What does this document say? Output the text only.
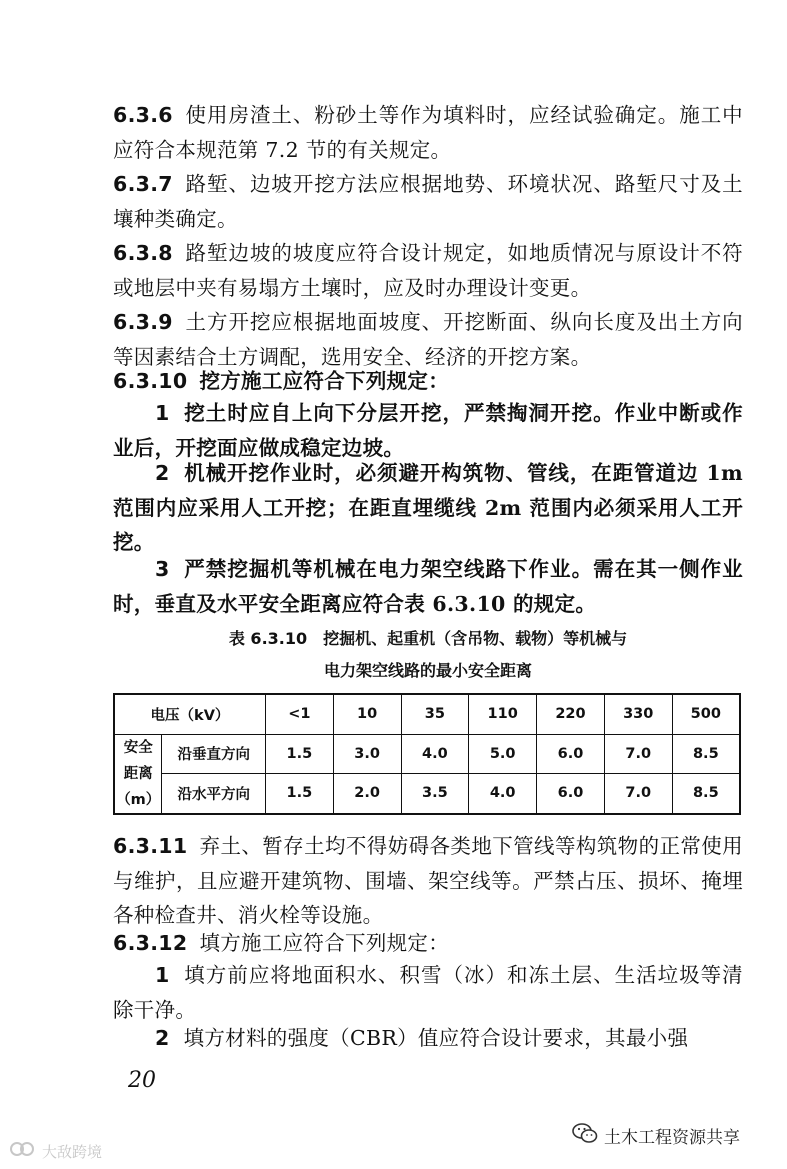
6.3.6 使用房渣土、粉砂土等作为填料时，应经试验确定。施工中应符合本规范第 7.2 节的有关规定。
6.3.7 路堑、边坡开挖方法应根据地势、环境状况、路堑尺寸及土壤种类确定。
6.3.8 路堑边坡的坡度应符合设计规定，如地质情况与原设计不符或地层中夹有易塌方土壤时，应及时办理设计变更。
6.3.9 土方开挖应根据地面坡度、开挖断面、纵向长度及出土方向等因素结合土方调配，选用安全、经济的开挖方案。
6.3.10 挖方施工应符合下列规定：
1 挖土时应自上向下分层开挖，严禁掏洞开挖。作业中断或作业后，开挖面应做成稳定边坡。
2 机械开挖作业时，必须避开构筑物、管线，在距管道边 1m 范围内应采用人工开挖；在距直埋缆线 2m 范围内必须采用人工开挖。
3 严禁挖掘机等机械在电力架空线路下作业。需在其一侧作业时，垂直及水平安全距离应符合表 6.3.10 的规定。
表 6.3.10　挖掘机、起重机（含吊物、载物）等机械与
电力架空线路的最小安全距离
电压（kV）		<1	10	35	110	220	330	500

安全
距离
（m）	沿垂直方向	1.5	3.0	4.0	5.0	6.0	7.0	8.5
	沿水平方向	1.5	2.0	3.5	4.0	6.0	7.0	8.5
6.3.11 弃土、暂存土均不得妨碍各类地下管线等构筑物的正常使用与维护，且应避开建筑物、围墙、架空线等。严禁占压、损坏、掩埋各种检查井、消火栓等设施。
6.3.12 填方施工应符合下列规定：
1 填方前应将地面积水、积雪（冰）和冻土层、生活垃圾等清除干净。
2 填方材料的强度（CBR）值应符合设计要求，其最小强
20
大敌跨境
土木工程资源共享
